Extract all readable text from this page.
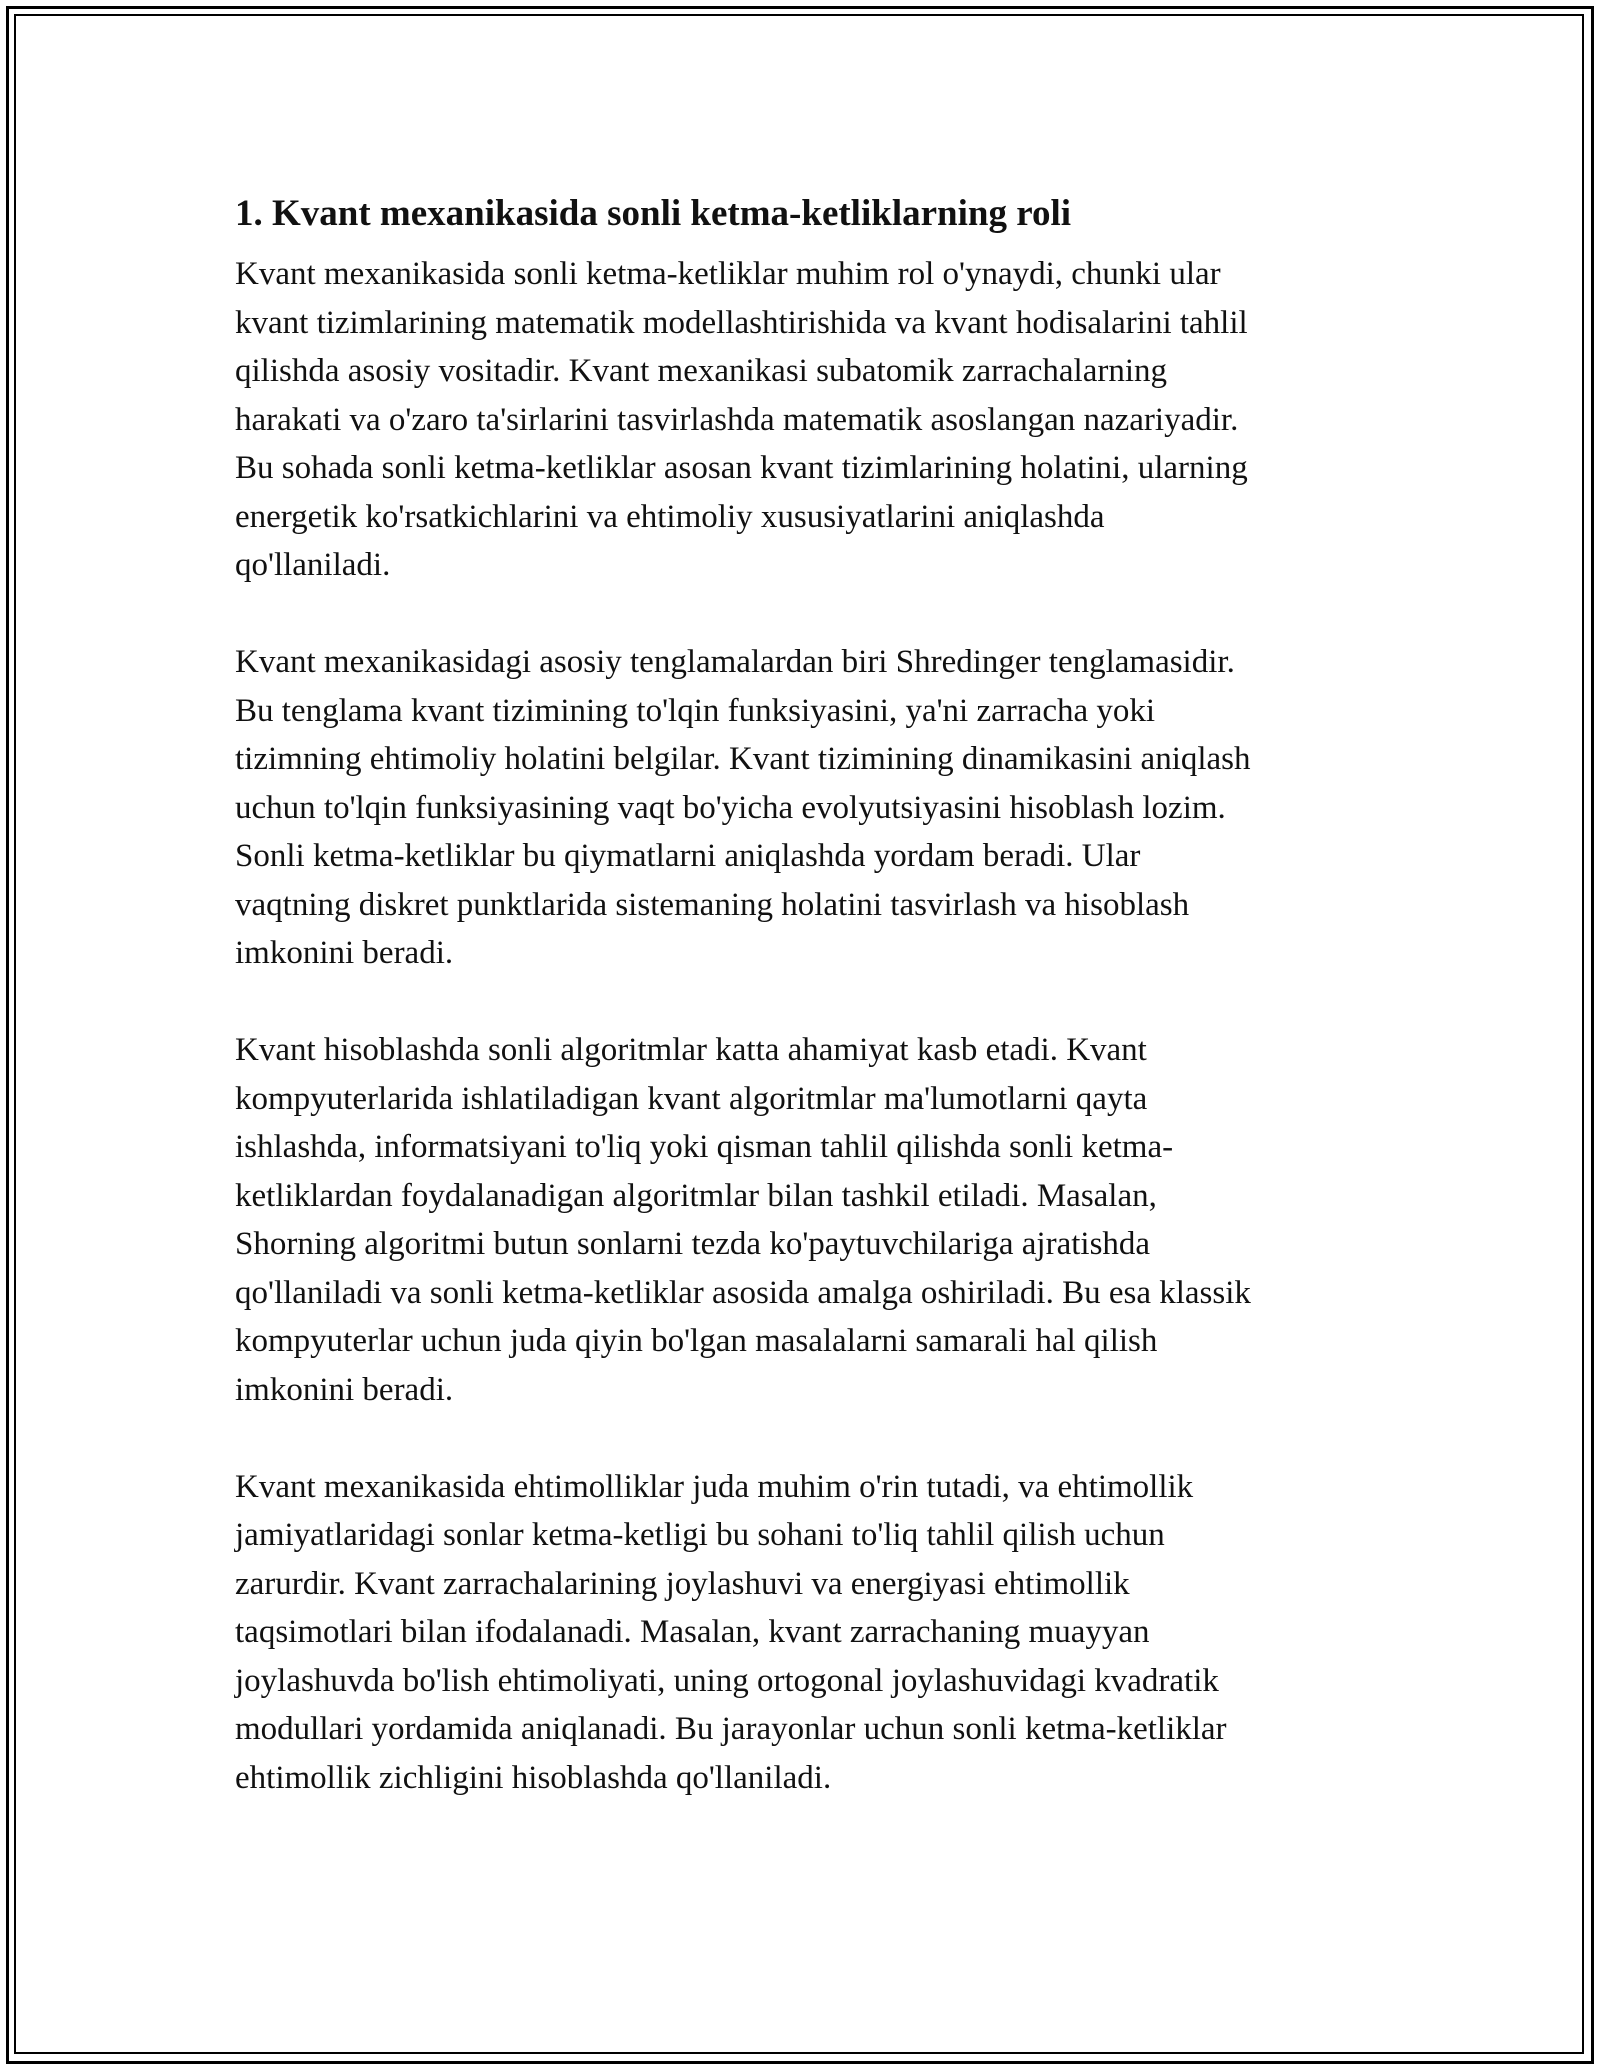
1. Kvant mexanikasida sonli ketma-ketliklarning roli
Kvant mexanikasida sonli ketma-ketliklar muhim rol o'ynaydi, chunki ular
kvant tizimlarining matematik modellashtirishida va kvant hodisalarini tahlil
qilishda asosiy vositadir. Kvant mexanikasi subatomik zarrachalarning
harakati va o'zaro ta'sirlarini tasvirlashda matematik asoslangan nazariyadir.
Bu sohada sonli ketma-ketliklar asosan kvant tizimlarining holatini, ularning
energetik ko'rsatkichlarini va ehtimoliy xususiyatlarini aniqlashda
qo'llaniladi.
Kvant mexanikasidagi asosiy tenglamalardan biri Shredinger tenglamasidir.
Bu tenglama kvant tizimining to'lqin funksiyasini, ya'ni zarracha yoki
tizimning ehtimoliy holatini belgilar. Kvant tizimining dinamikasini aniqlash
uchun to'lqin funksiyasining vaqt bo'yicha evolyutsiyasini hisoblash lozim.
Sonli ketma-ketliklar bu qiymatlarni aniqlashda yordam beradi. Ular
vaqtning diskret punktlarida sistemaning holatini tasvirlash va hisoblash
imkonini beradi.
Kvant hisoblashda sonli algoritmlar katta ahamiyat kasb etadi. Kvant
kompyuterlarida ishlatiladigan kvant algoritmlar ma'lumotlarni qayta
ishlashda, informatsiyani to'liq yoki qisman tahlil qilishda sonli ketma-
ketliklardan foydalanadigan algoritmlar bilan tashkil etiladi. Masalan,
Shorning algoritmi butun sonlarni tezda ko'paytuvchilariga ajratishda
qo'llaniladi va sonli ketma-ketliklar asosida amalga oshiriladi. Bu esa klassik
kompyuterlar uchun juda qiyin bo'lgan masalalarni samarali hal qilish
imkonini beradi.
Kvant mexanikasida ehtimolliklar juda muhim o'rin tutadi, va ehtimollik
jamiyatlaridagi sonlar ketma-ketligi bu sohani to'liq tahlil qilish uchun
zarurdir. Kvant zarrachalarining joylashuvi va energiyasi ehtimollik
taqsimotlari bilan ifodalanadi. Masalan, kvant zarrachaning muayyan
joylashuvda bo'lish ehtimoliyati, uning ortogonal joylashuvidagi kvadratik
modullari yordamida aniqlanadi. Bu jarayonlar uchun sonli ketma-ketliklar
ehtimollik zichligini hisoblashda qo'llaniladi.
